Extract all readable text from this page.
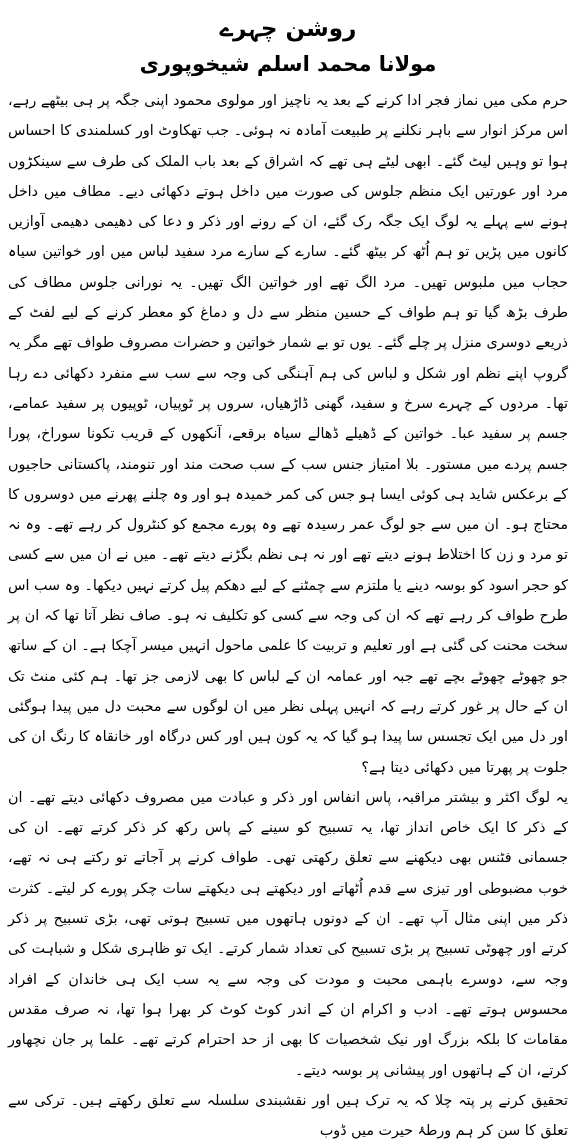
روشن چہرے
مولانا محمد اسلم شیخوپوری

حرم مکی میں نماز فجر ادا کرنے کے بعد یہ ناچیز اور مولوی محمود اپنی جگہ پر ہی بیٹھے رہے، اس مرکز انوار سے باہر نکلنے پر طبیعت آمادہ نہ ہوئی۔ جب تھکاوٹ اور کسلمندی کا احساس ہوا تو وہیں لیٹ گئے۔ ابھی لیٹے ہی تھے کہ اشراق کے بعد باب الملک کی طرف سے سینکڑوں مرد اور عورتیں ایک منظم جلوس کی صورت میں داخل ہوتے دکھائی دیے۔ مطاف میں داخل ہونے سے پہلے یہ لوگ ایک جگہ رک گئے، ان کے رونے اور ذکر و دعا کی دھیمی دھیمی آوازیں کانوں میں پڑیں تو ہم اُٹھ کر بیٹھ گئے۔ سارے کے سارے مرد سفید لباس میں اور خواتین سیاہ حجاب میں ملبوس تھیں۔ مرد الگ تھے اور خواتین الگ تھیں۔ یہ نورانی جلوس مطاف کی طرف بڑھ گیا تو ہم طواف کے حسین منظر سے دل و دماغ کو معطر کرنے کے لیے لفٹ کے ذریعے دوسری منزل پر چلے گئے۔ یوں تو بے شمار خواتین و حضرات مصروف طواف تھے مگر یہ گروپ اپنے نظم اور شکل و لباس کی ہم آہنگی کی وجہ سے سب سے منفرد دکھائی دے رہا تھا۔ مردوں کے چہرے سرخ و سفید، گھنی ڈاڑھیاں، سروں پر ٹوپیاں، ٹوپیوں پر سفید عمامے، جسم پر سفید عبا۔ خواتین کے ڈھیلے ڈھالے سیاہ برقعے، آنکھوں کے قریب تکونا سوراخ، پورا جسم پردے میں مستور۔ بلا امتیاز جنس سب کے سب صحت مند اور تنومند، پاکستانی حاجیوں کے برعکس شاید ہی کوئی ایسا ہو جس کی کمر خمیدہ ہو اور وہ چلنے پھرنے میں دوسروں کا محتاج ہو۔ ان میں سے جو لوگ عمر رسیدہ تھے وہ پورے مجمع کو کنٹرول کر رہے تھے۔ وہ نہ تو مرد و زن کا اختلاط ہونے دیتے تھے اور نہ ہی نظم بگڑنے دیتے تھے۔ میں نے ان میں سے کسی کو حجر اسود کو بوسہ دینے یا ملتزم سے چمٹنے کے لیے دھکم پیل کرتے نہیں دیکھا۔ وہ سب اس طرح طواف کر رہے تھے کہ ان کی وجہ سے کسی کو تکلیف نہ ہو۔ صاف نظر آتا تھا کہ ان پر سخت محنت کی گئی ہے اور تعلیم و تربیت کا علمی ماحول انہیں میسر آچکا ہے۔ ان کے ساتھ جو چھوٹے چھوٹے بچے تھے جبہ اور عمامہ ان کے لباس کا بھی لازمی جز تھا۔ ہم کئی منٹ تک ان کے حال پر غور کرتے رہے کہ انہیں پہلی نظر میں ان لوگوں سے محبت دل میں پیدا ہوگئی اور دل میں ایک تجسس سا پیدا ہو گیا کہ یہ کون ہیں اور کس درگاہ اور خانقاہ کا رنگ ان کی جلوت پر پھرتا میں دکھائی دیتا ہے؟

یہ لوگ اکثر و بیشتر مراقبہ، پاس انفاس اور ذکر و عبادت میں مصروف دکھائی دیتے تھے۔ ان کے ذکر کا ایک خاص انداز تھا، یہ تسبیح کو سینے کے پاس رکھ کر ذکر کرتے تھے۔ ان کی جسمانی فٹنس بھی دیکھنے سے تعلق رکھتی تھی۔ طواف کرنے پر آجاتے تو رکتے ہی نہ تھے، خوب مضبوطی اور تیزی سے قدم اُٹھاتے اور دیکھتے ہی دیکھتے سات چکر پورے کر لیتے۔ کثرت ذکر میں اپنی مثال آپ تھے۔ ان کے دونوں ہاتھوں میں تسبیح ہوتی تھی، بڑی تسبیح پر ذکر کرتے اور چھوٹی تسبیح پر بڑی تسبیح کی تعداد شمار کرتے۔ ایک تو ظاہری شکل و شباہت کی وجہ سے، دوسرے باہمی محبت و مودت کی وجہ سے یہ سب ایک ہی خاندان کے افراد محسوس ہوتے تھے۔ ادب و اکرام ان کے اندر کوٹ کوٹ کر بھرا ہوا تھا، نہ صرف مقدس مقامات کا بلکہ بزرگ اور نیک شخصیات کا بھی از حد احترام کرتے تھے۔ علما پر جان نچھاور کرتے، ان کے ہاتھوں اور پیشانی پر بوسہ دیتے۔

تحقیق کرنے پر پتہ چلا کہ یہ ترک ہیں اور نقشبندی سلسلہ سے تعلق رکھتے ہیں۔ ترکی سے تعلق کا سن کر ہم ورطۂ حیرت میں ڈوب
